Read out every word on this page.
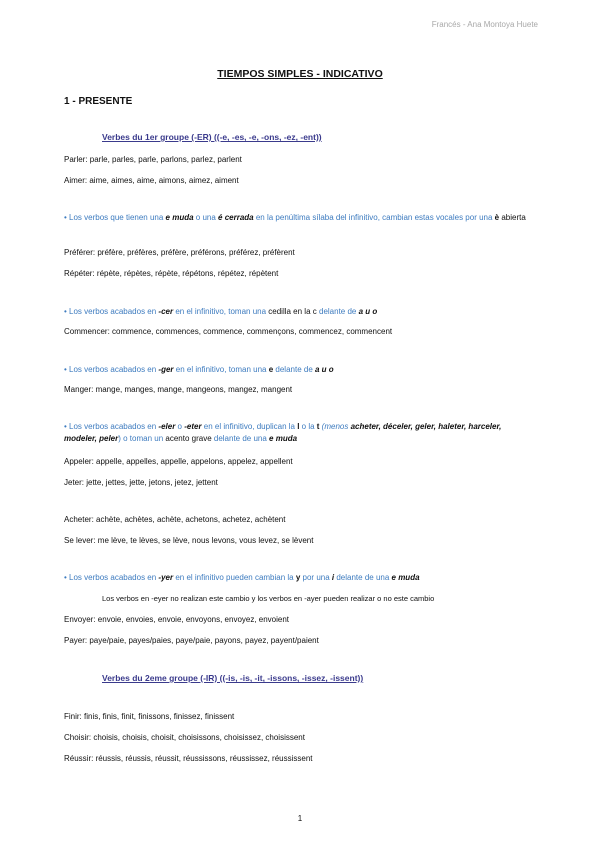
Francés - Ana Montoya Huete
TIEMPOS SIMPLES - INDICATIVO
1 - PRESENTE
Verbes du 1er groupe (-ER) ((-e, -es, -e, -ons, -ez, -ent))
Parler: parle, parles, parle, parlons, parlez, parlent
Aimer: aime, aimes, aime, aimons, aimez, aiment
• Los verbos que tienen una e muda o una é cerrada en la penúltima sílaba del infinitivo, cambian estas vocales por una è abierta
Préférer: préfère, préfères, préfère, préférons, préférez, préfèrent
Répéter: répète, répètes, répète, répétons, répétez, répètent
• Los verbos acabados en -cer en el infinitivo, toman una cedilla en la c delante de a u o
Commencer: commence, commences, commence, commençons, commencez, commencent
• Los verbos acabados en -ger en el infinitivo, toman una e delante de a u o
Manger: mange, manges, mange, mangeons, mangez, mangent
• Los verbos acabados en -eler o -eter en el infinitivo, duplican la l o la t (menos acheter, déceler, geler, haleter, harceler, modeler, peler) o toman un acento grave delante de una e muda
Appeler: appelle, appelles, appelle, appelons, appelez, appellent
Jeter: jette, jettes, jette, jetons, jetez, jettent
Acheter: achète, achètes, achète, achetons, achetez, achètent
Se lever: me lève, te lèves, se lève, nous levons, vous levez, se lèvent
• Los verbos acabados en -yer en el infinitivo pueden cambian la y por una i delante de una e muda
Los verbos en -eyer no realizan este cambio y los verbos en -ayer pueden realizar o no este cambio
Envoyer: envoie, envoies, envoie, envoyons, envoyez, envoient
Payer: paye/paie, payes/paies, paye/paie, payons, payez, payent/paient
Verbes du 2eme groupe (-IR) ((-is, -is, -it, -issons, -issez, -issent))
Finir: finis, finis, finit, finissons, finissez, finissent
Choisir: choisis, choisis, choisit, choisissons, choisissez, choisissent
Réussir: réussis, réussis, réussit, réussissons, réussissez, réussissent
1
